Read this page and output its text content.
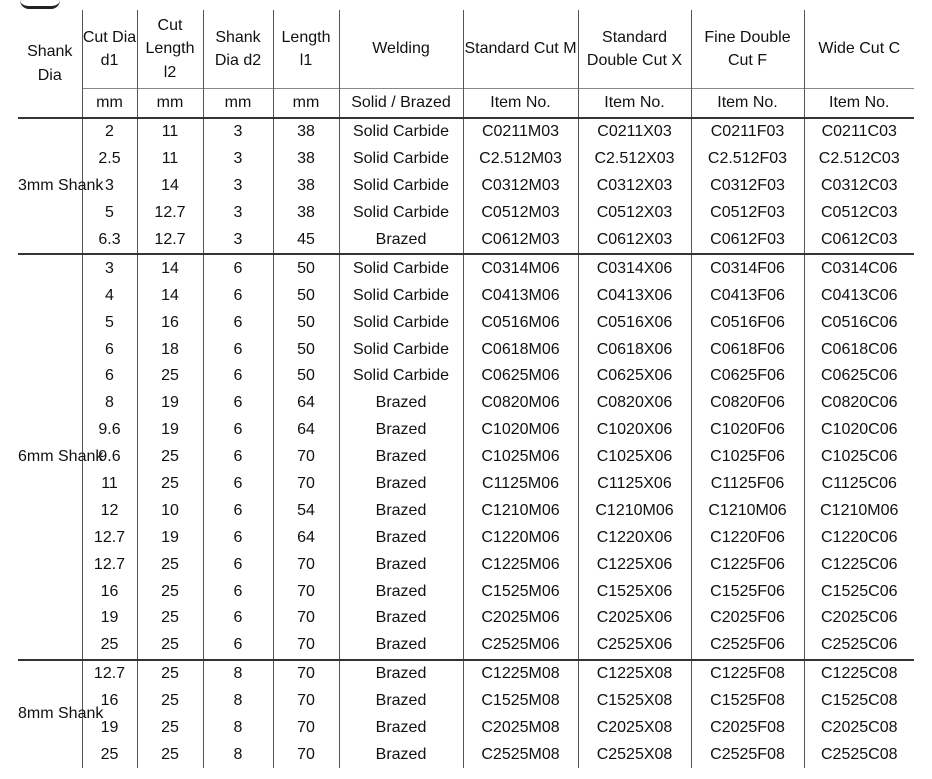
Shank Dia	Cut Dia d1	Cut Length l2	Shank Dia d2	Length l1	Welding	Standard Cut M	Standard Double Cut X	Fine Double Cut F	Wide Cut C
	mm	mm	mm	mm	Solid / Brazed	Item No.	Item No.	Item No.	Item No.
3mm Shank	2	11	3	38	Solid Carbide	C0211M03	C0211X03	C0211F03	C0211C03
	2.5	11	3	38	Solid Carbide	C2.512M03	C2.512X03	C2.512F03	C2.512C03
	3	14	3	38	Solid Carbide	C0312M03	C0312X03	C0312F03	C0312C03
	5	12.7	3	38	Solid Carbide	C0512M03	C0512X03	C0512F03	C0512C03
	6.3	12.7	3	45	Brazed	C0612M03	C0612X03	C0612F03	C0612C03
6mm Shank	3	14	6	50	Solid Carbide	C0314M06	C0314X06	C0314F06	C0314C06
	4	14	6	50	Solid Carbide	C0413M06	C0413X06	C0413F06	C0413C06
	5	16	6	50	Solid Carbide	C0516M06	C0516X06	C0516F06	C0516C06
	6	18	6	50	Solid Carbide	C0618M06	C0618X06	C0618F06	C0618C06
	6	25	6	50	Solid Carbide	C0625M06	C0625X06	C0625F06	C0625C06
	8	19	6	64	Brazed	C0820M06	C0820X06	C0820F06	C0820C06
	9.6	19	6	64	Brazed	C1020M06	C1020X06	C1020F06	C1020C06
	9.6	25	6	70	Brazed	C1025M06	C1025X06	C1025F06	C1025C06
	11	25	6	70	Brazed	C1125M06	C1125X06	C1125F06	C1125C06
	12	10	6	54	Brazed	C1210M06	C1210M06	C1210M06	C1210M06
	12.7	19	6	64	Brazed	C1220M06	C1220X06	C1220F06	C1220C06
	12.7	25	6	70	Brazed	C1225M06	C1225X06	C1225F06	C1225C06
	16	25	6	70	Brazed	C1525M06	C1525X06	C1525F06	C1525C06
	19	25	6	70	Brazed	C2025M06	C2025X06	C2025F06	C2025C06
	25	25	6	70	Brazed	C2525M06	C2525X06	C2525F06	C2525C06
8mm Shank	12.7	25	8	70	Brazed	C1225M08	C1225X08	C1225F08	C1225C08
	16	25	8	70	Brazed	C1525M08	C1525X08	C1525F08	C1525C08
	19	25	8	70	Brazed	C2025M08	C2025X08	C2025F08	C2025C08
	25	25	8	70	Brazed	C2525M08	C2525X08	C2525F08	C2525C08
